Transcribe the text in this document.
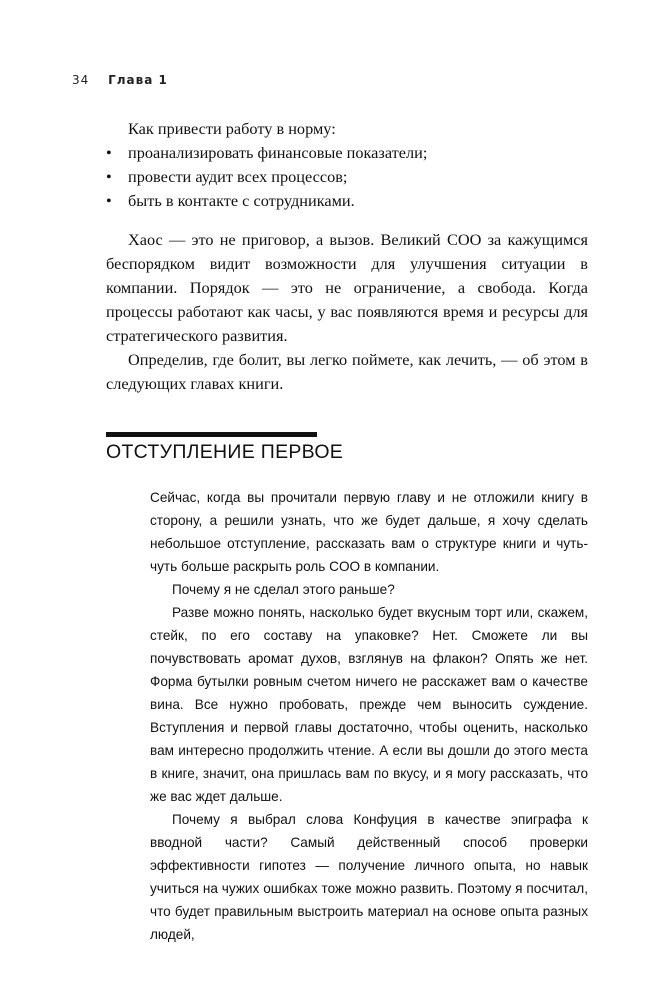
34 Глава 1

Как привести работу в норму:

• проанализировать финансовые показатели;
• провести аудит всех процессов;
• быть в контакте с сотрудниками.

Хаос — это не приговор, а вызов. Великий COO за кажущимся беспорядком видит возможности для улучшения ситуации в компании. Порядок — это не ограничение, а свобода. Когда процессы работают как часы, у вас появляются время и ресурсы для стратегического развития.

Определив, где болит, вы легко поймете, как лечить, — об этом в следующих главах книги.

ОТСТУПЛЕНИЕ ПЕРВОЕ

Сейчас, когда вы прочитали первую главу и не отложили книгу в сторону, а решили узнать, что же будет дальше, я хочу сделать небольшое отступление, рассказать вам о структуре книги и чуть-чуть больше раскрыть роль COO в компании.

Почему я не сделал этого раньше?

Разве можно понять, насколько будет вкусным торт или, скажем, стейк, по его составу на упаковке? Нет. Сможете ли вы почувствовать аромат духов, взглянув на флакон? Опять же нет. Форма бутылки ровным счетом ничего не расскажет вам о качестве вина. Все нужно пробовать, прежде чем выносить суждение. Вступления и первой главы достаточно, чтобы оценить, насколько вам интересно продолжить чтение. А если вы дошли до этого места в книге, значит, она пришлась вам по вкусу, и я могу рассказать, что же вас ждет дальше.

Почему я выбрал слова Конфуция в качестве эпиграфа к вводной части? Самый действенный способ проверки эффективности гипотез — получение личного опыта, но навык учиться на чужих ошибках тоже можно развить. Поэтому я посчитал, что будет правильным выстроить материал на основе опыта разных людей,
